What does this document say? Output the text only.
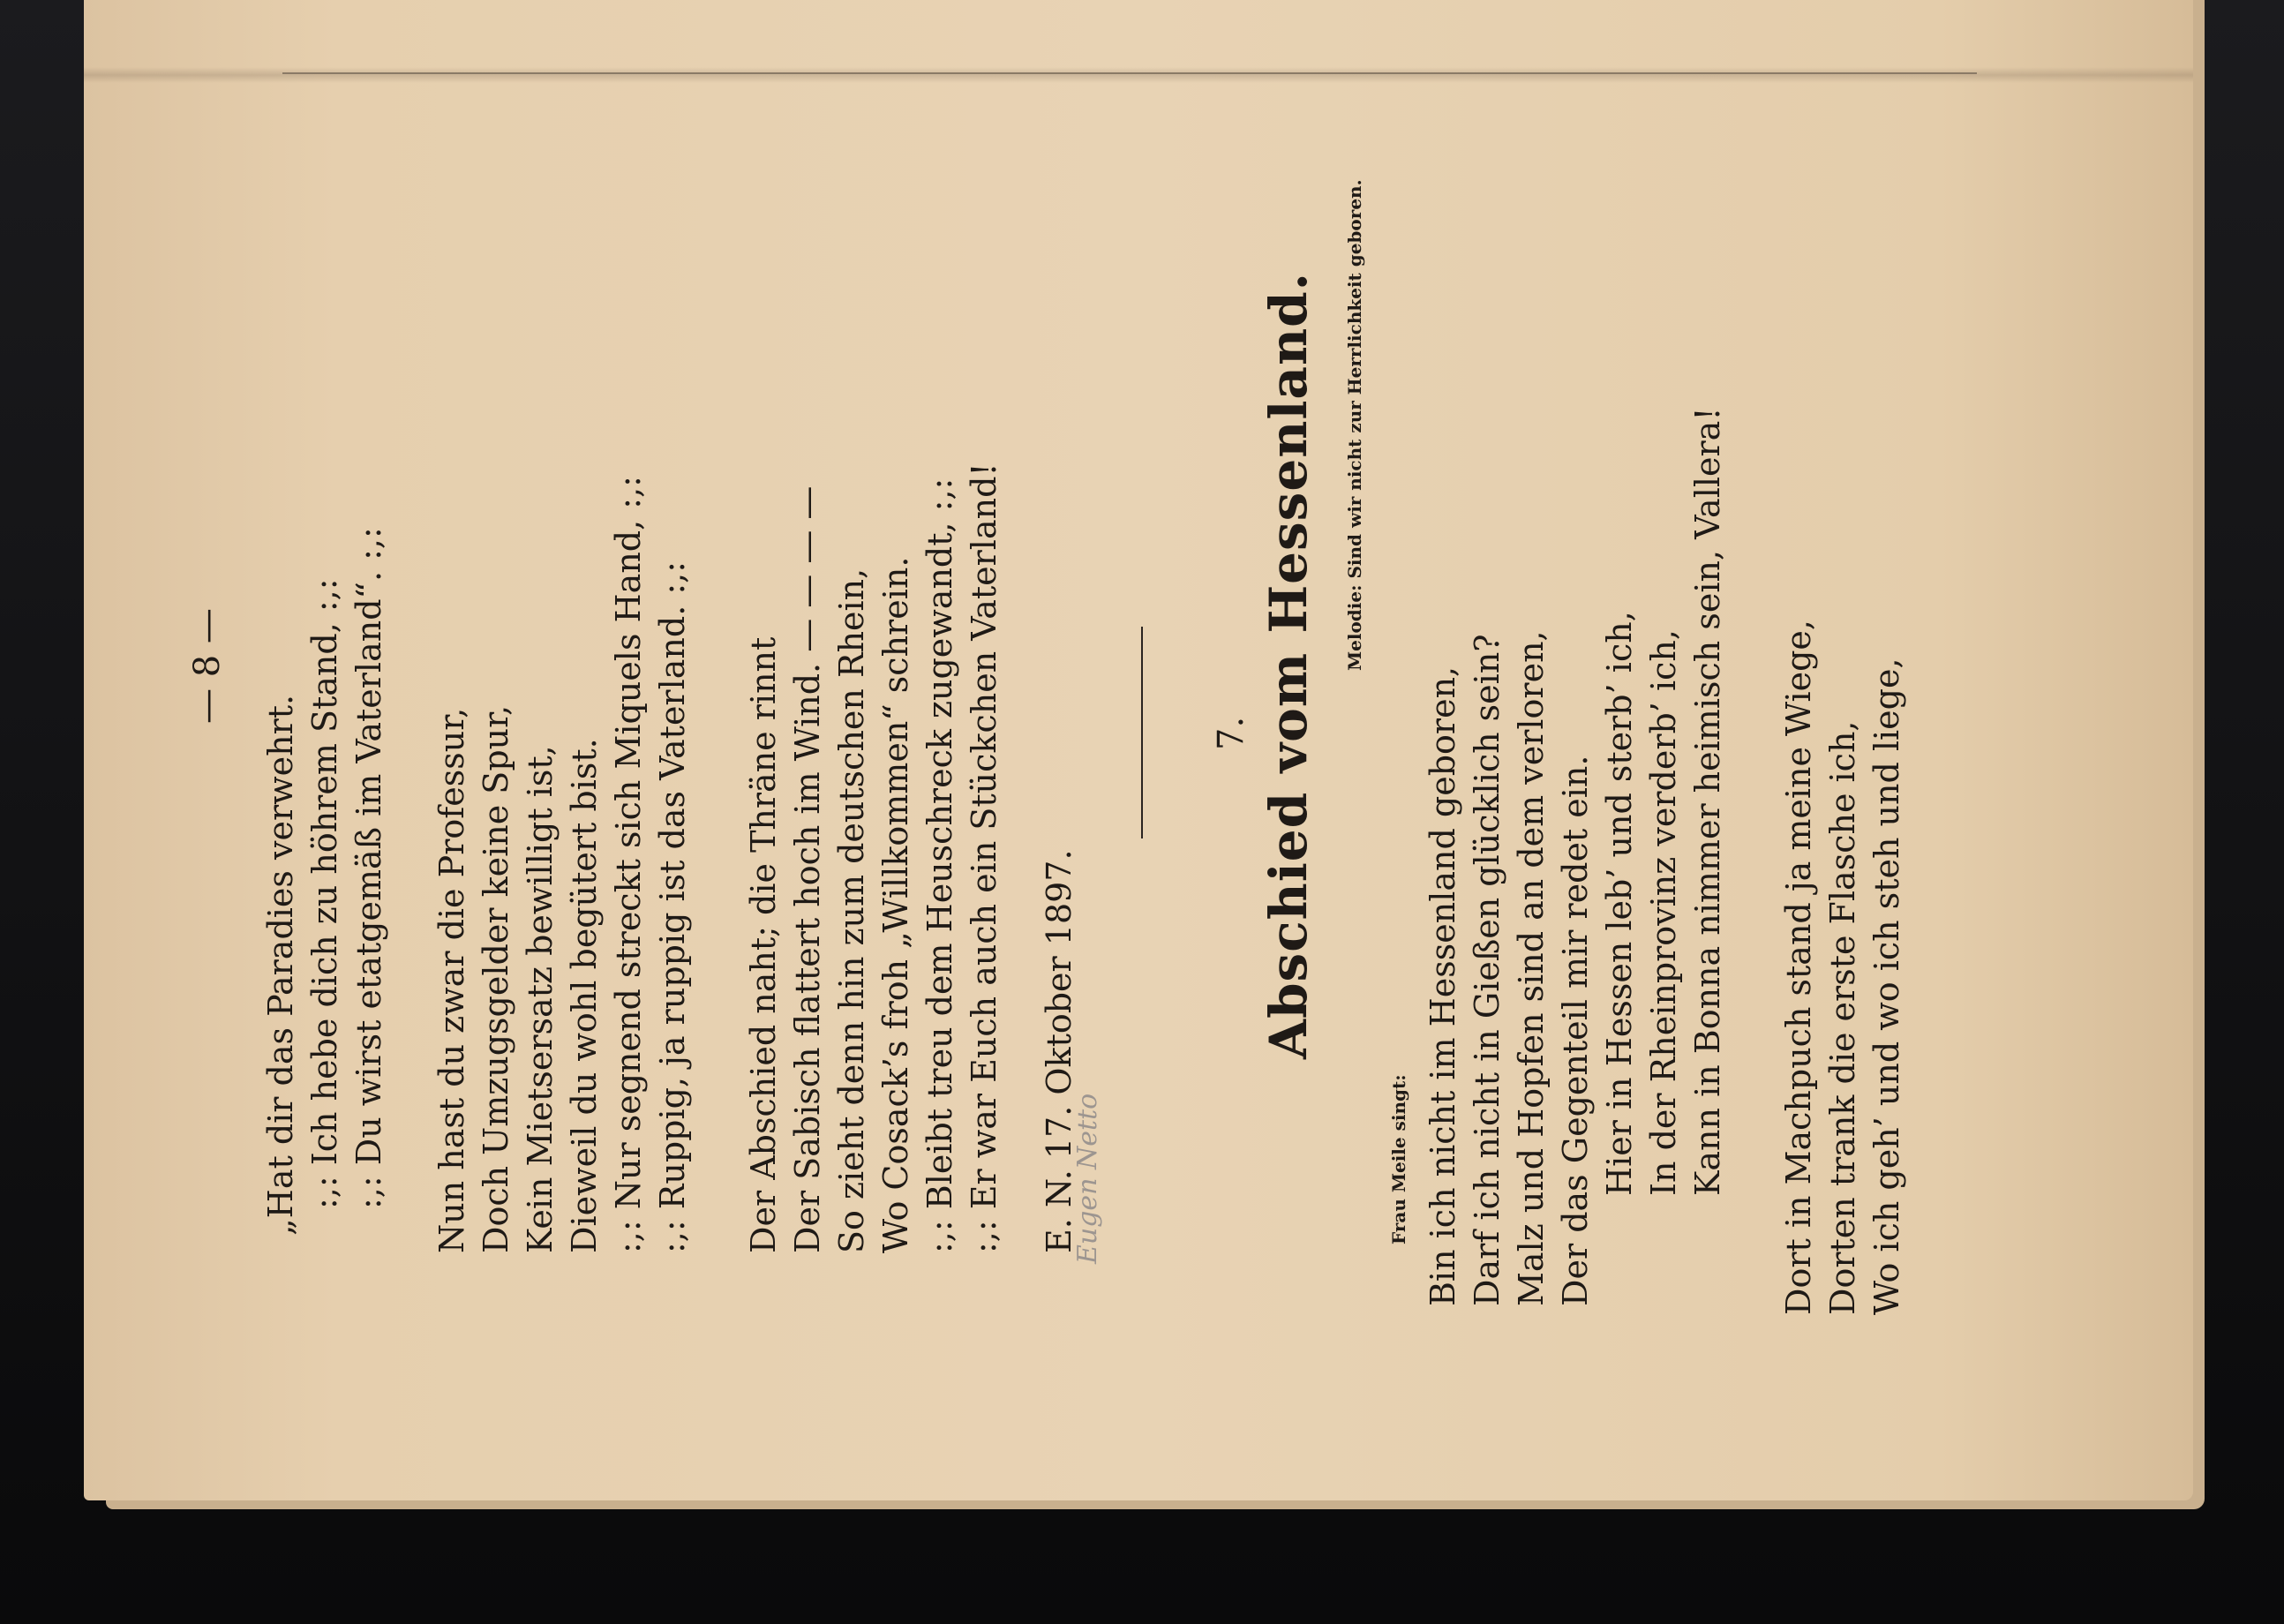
— 8 —
„Hat dir das Paradies verwehrt. :,: Ich hebe dich zu höhrem Stand, :,: :,: Du wirst etatgemäß im Vaterland“. :,: Nun hast du zwar die Professur, Doch Umzugsgelder keine Spur, Kein Mietsersatz bewilligt ist, Dieweil du wohl begütert bist. :,: Nur segnend streckt sich Miquels Hand, :,: :,: Ruppig, ja ruppig ist das Vaterland. :,: Der Abschied naht; die Thräne rinnt Der Sabisch flattert hoch im Wind. — — — — So zieht denn hin zum deutschen Rhein, Wo Cosack’s froh „Willkommen“ schrein. :,: Bleibt treu dem Heuschreck zugewandt, :,: :,: Er war Euch auch ein Stückchen Vaterland! E. N. 17. Oktober 1897.
Eugen Netto
7. Abschied vom Hessenland.	Melodie: Sind wir nicht zur Herrlichkeit geboren.
Frau Meile singt: Bin ich nicht im Hessenland geboren, Darf ich nicht in Gießen glücklich sein? Malz und Hopfen sind an dem verloren, Der das Gegenteil mir redet ein. Hier in Hessen leb’ und sterb’ ich, In der Rheinprovinz verderb’ ich, Kann in Bonna nimmer heimisch sein, Vallera! Dort in Machpuch stand ja meine Wiege, Dorten trank die erste Flasche ich, Wo ich geh’ und wo ich steh und liege,
